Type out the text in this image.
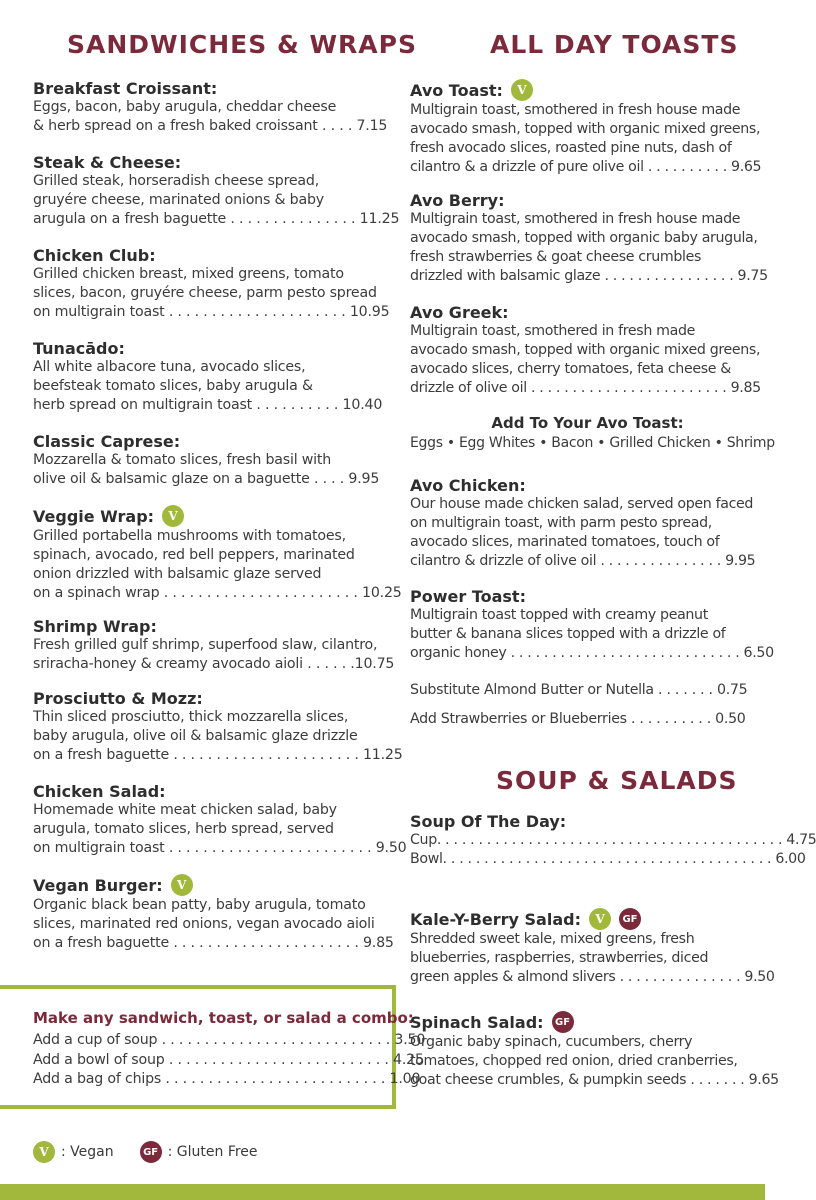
SANDWICHES & WRAPS
Breakfast Croissant:
Eggs, bacon, baby arugula, cheddar cheese
& herb spread on a fresh baked croissant . . . . 7.15
Steak & Cheese:
Grilled steak, horseradish cheese spread,
gruyére cheese, marinated onions & baby
arugula on a fresh baguette . . . . . . . . . . . . . . . 11.25
Chicken Club:
Grilled chicken breast, mixed greens, tomato
slices, bacon, gruyére cheese, parm pesto spread
on multigrain toast . . . . . . . . . . . . . . . . . . . . . 10.95
Tunacādo:
All white albacore tuna, avocado slices,
beefsteak tomato slices, baby arugula &
herb spread on multigrain toast . . . . . . . . . . 10.40
Classic Caprese:
Mozzarella & tomato slices, fresh basil with
olive oil & balsamic glaze on a baguette . . . . 9.95
Veggie Wrap:	V
Grilled portabella mushrooms with tomatoes,
spinach, avocado, red bell peppers, marinated
onion drizzled with balsamic glaze served
on a spinach wrap . . . . . . . . . . . . . . . . . . . . . . . 10.25
Shrimp Wrap:
Fresh grilled gulf shrimp, superfood slaw, cilantro,
sriracha-honey & creamy avocado aioli . . . . . .10.75
Prosciutto & Mozz:
Thin sliced prosciutto, thick mozzarella slices,
baby arugula, olive oil & balsamic glaze drizzle
on a fresh baguette . . . . . . . . . . . . . . . . . . . . . . 11.25
Chicken Salad:
Homemade white meat chicken salad, baby
arugula, tomato slices, herb spread, served
on multigrain toast . . . . . . . . . . . . . . . . . . . . . . . . 9.50
Vegan Burger:	V
Organic black bean patty, baby arugula, tomato
slices, marinated red onions, vegan avocado aioli
on a fresh baguette . . . . . . . . . . . . . . . . . . . . . . 9.85
Make any sandwich, toast, or salad a combo:
Add a cup of soup . . . . . . . . . . . . . . . . . . . . . . . . . . . 3.50
Add a bowl of soup . . . . . . . . . . . . . . . . . . . . . . . . . . 4.25
Add a bag of chips . . . . . . . . . . . . . . . . . . . . . . . . . . 1.00
V : Vegan	GF : Gluten Free
ALL DAY TOASTS
Avo Toast:	V
Multigrain toast, smothered in fresh house made
avocado smash, topped with organic mixed greens,
fresh avocado slices, roasted pine nuts, dash of
cilantro & a drizzle of pure olive oil . . . . . . . . . . 9.65
Avo Berry:
Multigrain toast, smothered in fresh house made
avocado smash, topped with organic baby arugula,
fresh strawberries & goat cheese crumbles
drizzled with balsamic glaze . . . . . . . . . . . . . . . . 9.75
Avo Greek:
Multigrain toast, smothered in fresh made
avocado smash, topped with organic mixed greens,
avocado slices, cherry tomatoes, feta cheese &
drizzle of olive oil . . . . . . . . . . . . . . . . . . . . . . . . 9.85
Add To Your Avo Toast:
Eggs • Egg Whites • Bacon • Grilled Chicken • Shrimp
Avo Chicken:
Our house made chicken salad, served open faced
on multigrain toast, with parm pesto spread,
avocado slices, marinated tomatoes, touch of
cilantro & drizzle of olive oil . . . . . . . . . . . . . . . 9.95
Power Toast:
Multigrain toast topped with creamy peanut
butter & banana slices topped with a drizzle of
organic honey . . . . . . . . . . . . . . . . . . . . . . . . . . . . 6.50
Substitute Almond Butter or Nutella . . . . . . . 0.75
Add Strawberries or Blueberries . . . . . . . . . . 0.50
SOUP & SALADS
Soup Of The Day:
Cup. . . . . . . . . . . . . . . . . . . . . . . . . . . . . . . . . . . . . . . . . . 4.75
Bowl. . . . . . . . . . . . . . . . . . . . . . . . . . . . . . . . . . . . . . . . 6.00
Kale-Y-Berry Salad:	V	GF
Shredded sweet kale, mixed greens, fresh
blueberries, raspberries, strawberries, diced
green apples & almond slivers . . . . . . . . . . . . . . . 9.50
Spinach Salad:	GF
Organic baby spinach, cucumbers, cherry
tomatoes, chopped red onion, dried cranberries,
goat cheese crumbles, & pumpkin seeds . . . . . . . 9.65
